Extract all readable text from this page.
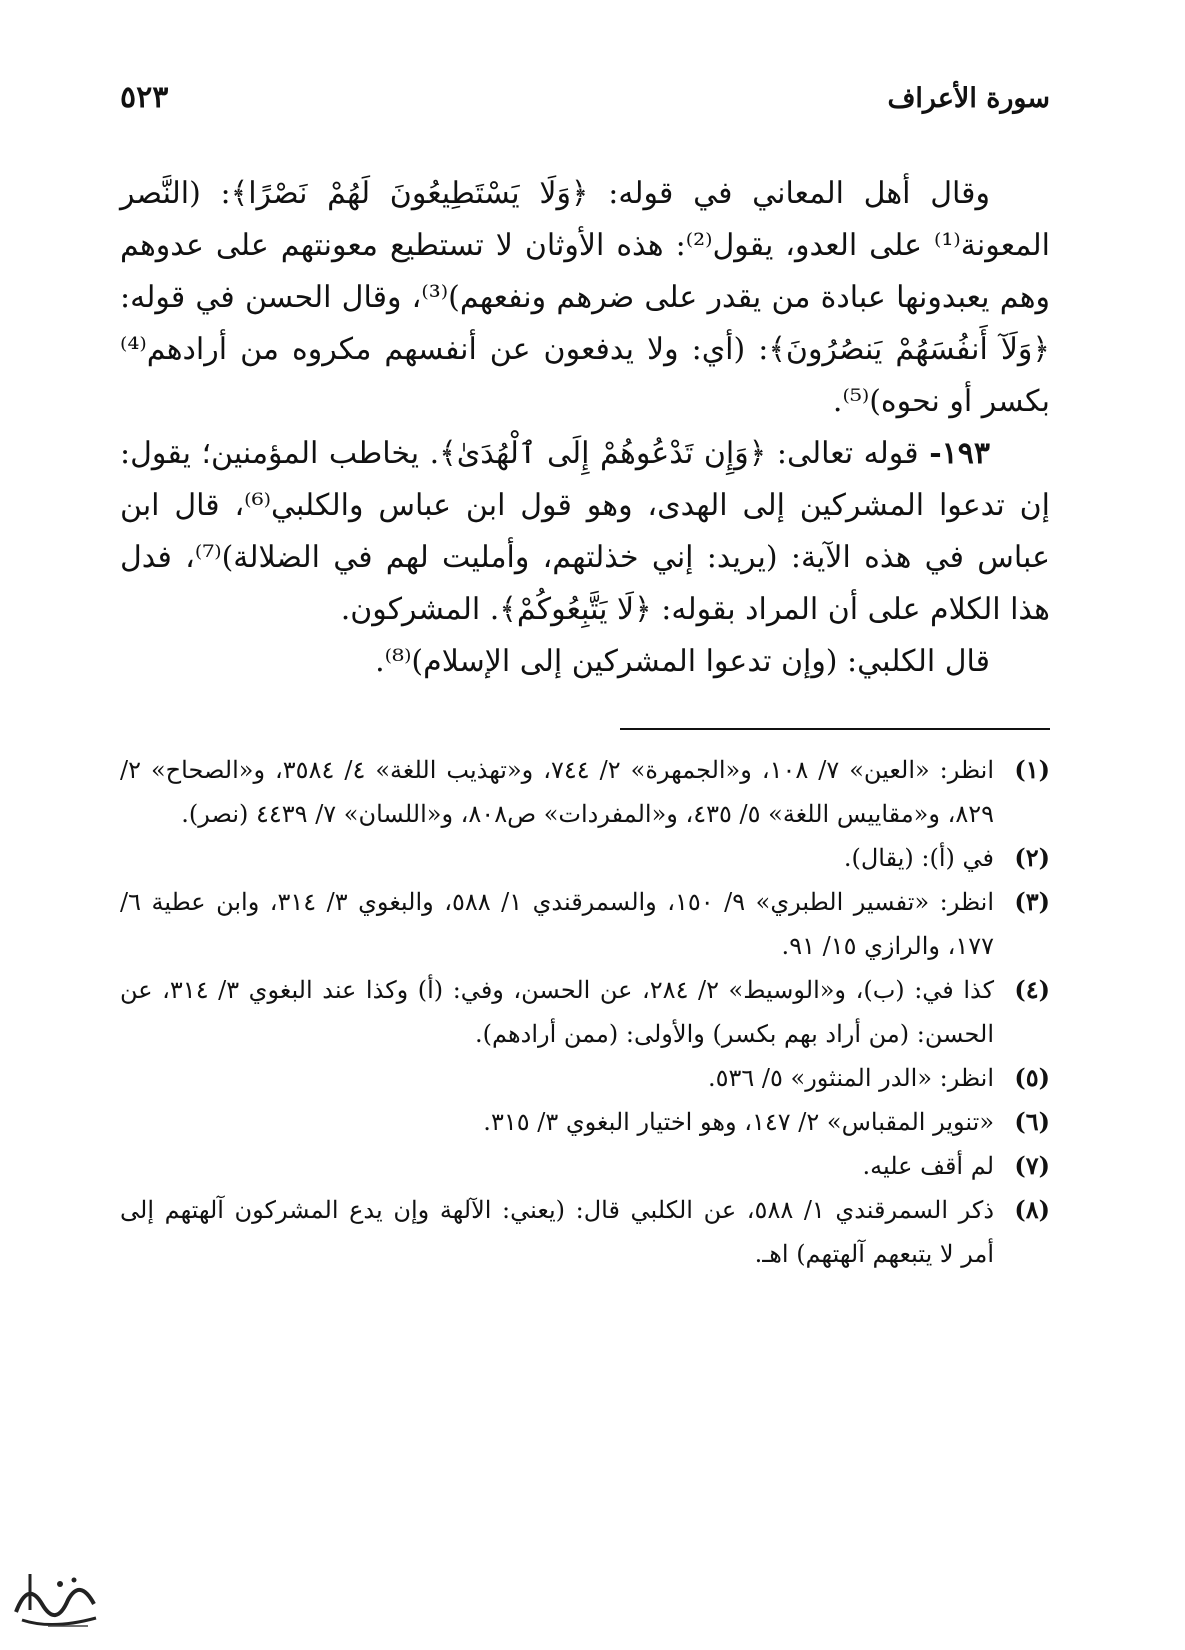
سورة الأعراف
٥٢٣

وقال أهل المعاني في قوله: ﴿وَلَا يَسْتَطِيعُونَ لَهُمْ نَصْرًا﴾: (النَّصر المعونة⁽¹⁾ على العدو، يقول⁽²⁾: هذه الأوثان لا تستطيع معونتهم على عدوهم وهم يعبدونها عبادة من يقدر على ضرهم ونفعهم)⁽³⁾، وقال الحسن في قوله: ﴿وَلَآ أَنفُسَهُمْ يَنصُرُونَ﴾: (أي: ولا يدفعون عن أنفسهم مكروه من أرادهم⁽⁴⁾ بكسر أو نحوه)⁽⁵⁾.

١٩٣- قوله تعالى: ﴿وَإِن تَدْعُوهُمْ إِلَى ٱلْهُدَىٰ﴾. يخاطب المؤمنين؛ يقول: إن تدعوا المشركين إلى الهدى، وهو قول ابن عباس والكلبي⁽⁶⁾، قال ابن عباس في هذه الآية: (يريد: إني خذلتهم، وأمليت لهم في الضلالة)⁽⁷⁾، فدل هذا الكلام على أن المراد بقوله: ﴿لَا يَتَّبِعُوكُمْ﴾. المشركون.

قال الكلبي: (وإن تدعوا المشركين إلى الإسلام)⁽⁸⁾.

(١)
انظر: «العين» ٧/ ١٠٨، و«الجمهرة» ٢/ ٧٤٤، و«تهذيب اللغة» ٤/ ٣٥٨٤، و«الصحاح» ٢/ ٨٢٩، و«مقاييس اللغة» ٥/ ٤٣٥، و«المفردات» ص٨٠٨، و«اللسان» ٧/ ٤٤٣٩ (نصر).
(٢)
في (أ): (يقال).
(٣)
انظر: «تفسير الطبري» ٩/ ١٥٠، والسمرقندي ١/ ٥٨٨، والبغوي ٣/ ٣١٤، وابن عطية ٦/ ١٧٧، والرازي ١٥/ ٩١.
(٤)
كذا في: (ب)، و«الوسيط» ٢/ ٢٨٤، عن الحسن، وفي: (أ) وكذا عند البغوي ٣/ ٣١٤، عن الحسن: (من أراد بهم بكسر) والأولى: (ممن أرادهم).
(٥)
انظر: «الدر المنثور» ٥/ ٥٣٦.
(٦)
«تنوير المقباس» ٢/ ١٤٧، وهو اختيار البغوي ٣/ ٣١٥.
(٧)
لم أقف عليه.
(٨)
ذكر السمرقندي ١/ ٥٨٨، عن الكلبي قال: (يعني: الآلهة وإن يدع المشركون آلهتهم إلى أمر لا يتبعهم آلهتهم) اهـ.
